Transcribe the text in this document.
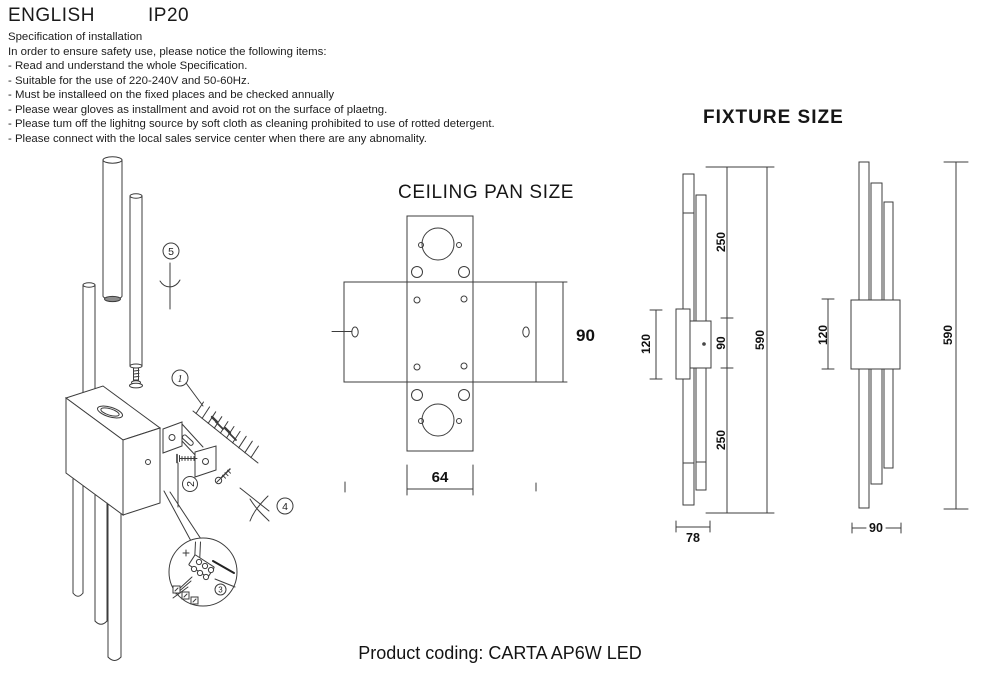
ENGLISH	IP20
Specification of installation
In order to ensure safety use, please notice the following items:
- Read and understand the whole Specification.
- Suitable for the use of 220-240V and 50-60Hz.
- Must be installeed on the fixed places and be checked annually
- Please wear gloves as installment and avoid rot on the surface of plaetng.
- Please tum off the lighitng source by soft cloth as cleaning prohibited to use of rotted detergent.
- Please connect with the local sales service center when there are any abnomality.
5
1
4
2
3
CEILING PAN SIZE
90
64
FIXTURE SIZE
120
250
90
250
590
78
120	590
90
Product coding: CARTA AP6W LED
